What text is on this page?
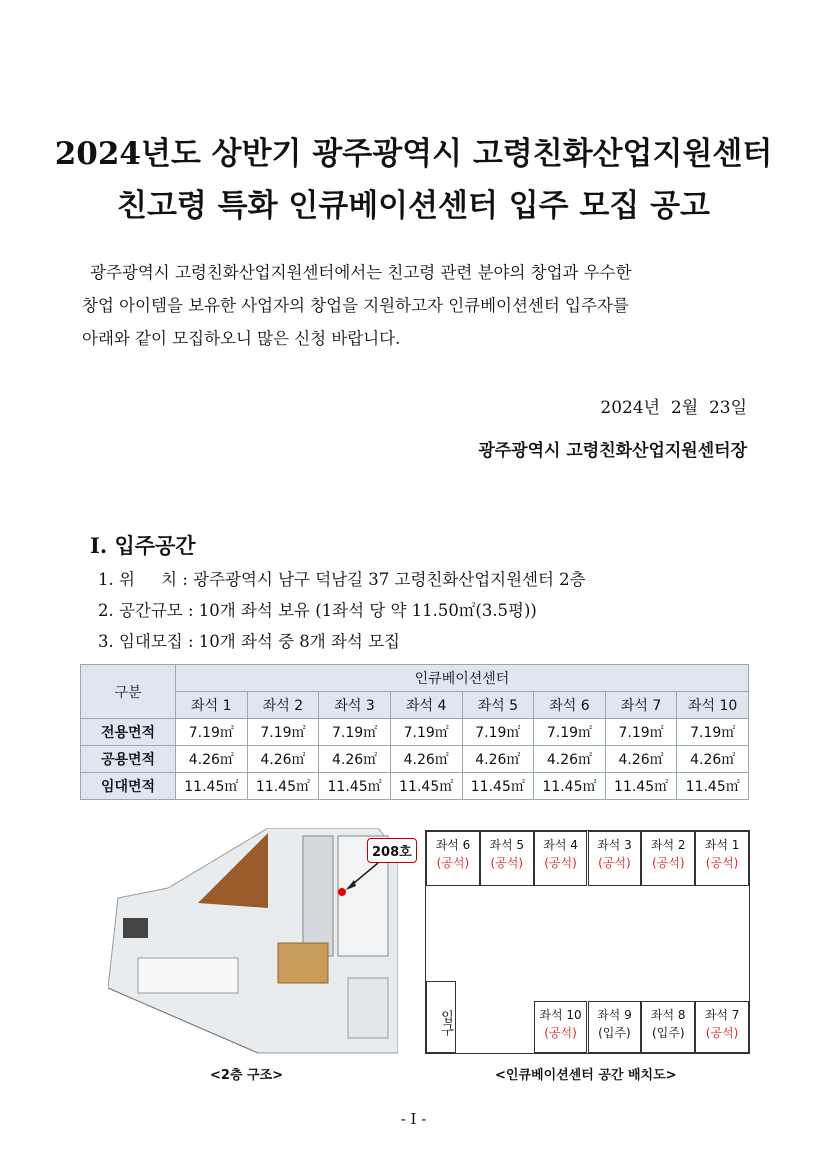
2024년도 상반기 광주광역시 고령친화산업지원센터
친고령 특화 인큐베이션센터 입주 모집 공고
광주광역시 고령친화산업지원센터에서는 친고령 관련 분야의 창업과 우수한
창업 아이템을 보유한 사업자의 창업을 지원하고자 인큐베이션센터 입주자를
아래와 같이 모집하오니 많은 신청 바랍니다.
2024년  2월  23일
광주광역시 고령친화산업지원센터장
Ⅰ. 입주공간
1. 위     치 : 광주광역시 남구 덕남길 37 고령친화산업지원센터 2층
2. 공간규모 : 10개 좌석 보유 (1좌석 당 약 11.50㎡(3.5평))
3. 임대모집 : 10개 좌석 중 8개 좌석 모집
구분	인큐베이션센터							
	좌석 1	좌석 2	좌석 3	좌석 4	좌석 5	좌석 6	좌석 7	좌석 10
전용면적	7.19㎡	7.19㎡	7.19㎡	7.19㎡	7.19㎡	7.19㎡	7.19㎡	7.19㎡
공용면적	4.26㎡	4.26㎡	4.26㎡	4.26㎡	4.26㎡	4.26㎡	4.26㎡	4.26㎡
임대면적	11.45㎡	11.45㎡	11.45㎡	11.45㎡	11.45㎡	11.45㎡	11.45㎡	11.45㎡
208호
<2층 구조>
좌석 6
(공석)
좌석 5
(공석)
좌석 4
(공석)
좌석 3
(공석)
좌석 2
(공석)
좌석 1
(공석)
좌석 10
(공석)
좌석 9
(입주)
좌석 8
(입주)
좌석 7
(공석)
입구
<인큐베이션센터 공간 배치도>
- I -
